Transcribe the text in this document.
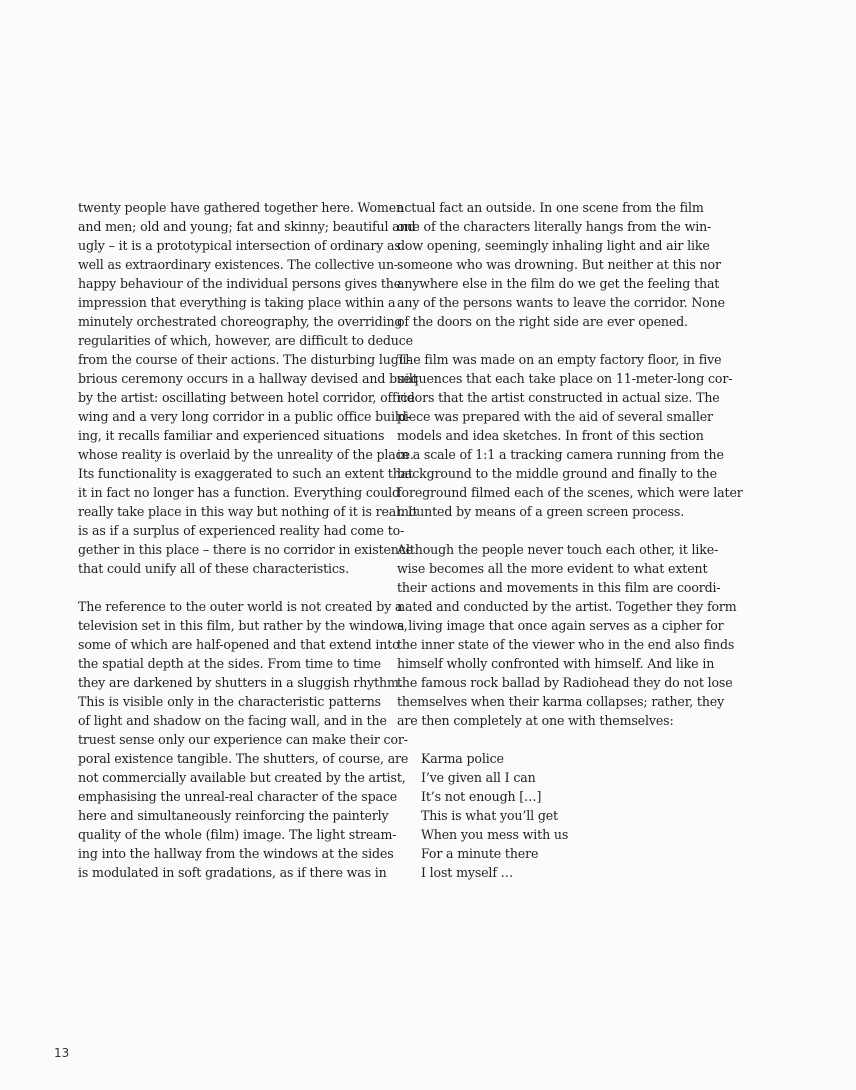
twenty people have gathered together here. Women
and men; old and young; fat and skinny; beautiful and
ugly – it is a prototypical intersection of ordinary as
well as extraordinary existences. The collective un-
happy behaviour of the individual persons gives the
impression that everything is taking place within a
minutely orchestrated choreography, the overriding
regularities of which, however, are difficult to deduce
from the course of their actions. The disturbing lugu-
brious ceremony occurs in a hallway devised and built
by the artist: oscillating between hotel corridor, office
wing and a very long corridor in a public office build-
ing, it recalls familiar and experienced situations
whose reality is overlaid by the unreality of the place.
Its functionality is exaggerated to such an extent that
it in fact no longer has a function. Everything could
really take place in this way but nothing of it is real. It
is as if a surplus of experienced reality had come to-
gether in this place – there is no corridor in existence
that could unify all of these characteristics.
The reference to the outer world is not created by a
television set in this film, but rather by the windows,
some of which are half-opened and that extend into
the spatial depth at the sides. From time to time
they are darkened by shutters in a sluggish rhythm.
This is visible only in the characteristic patterns
of light and shadow on the facing wall, and in the
truest sense only our experience can make their cor-
poral existence tangible. The shutters, of course, are
not commercially available but created by the artist,
emphasising the unreal-real character of the space
here and simultaneously reinforcing the painterly
quality of the whole (film) image. The light stream-
ing into the hallway from the windows at the sides
is modulated in soft gradations, as if there was in
actual fact an outside. In one scene from the film
one of the characters literally hangs from the win-
dow opening, seemingly inhaling light and air like
someone who was drowning. But neither at this nor
anywhere else in the film do we get the feeling that
any of the persons wants to leave the corridor. None
of the doors on the right side are ever opened.
The film was made on an empty factory floor, in five
sequences that each take place on 11-meter-long cor-
ridors that the artist constructed in actual size. The
piece was prepared with the aid of several smaller
models and idea sketches. In front of this section
in a scale of 1:1 a tracking camera running from the
background to the middle ground and finally to the
foreground filmed each of the scenes, which were later
mounted by means of a green screen process.
Although the people never touch each other, it like-
wise becomes all the more evident to what extent
their actions and movements in this film are coordi-
nated and conducted by the artist. Together they form
a living image that once again serves as a cipher for
the inner state of the viewer who in the end also finds
himself wholly confronted with himself. And like in
the famous rock ballad by Radiohead they do not lose
themselves when their karma collapses; rather, they
are then completely at one with themselves:
Karma police
I’ve given all I can
It’s not enough […]
This is what you’ll get
When you mess with us
For a minute there
I lost myself …
13
